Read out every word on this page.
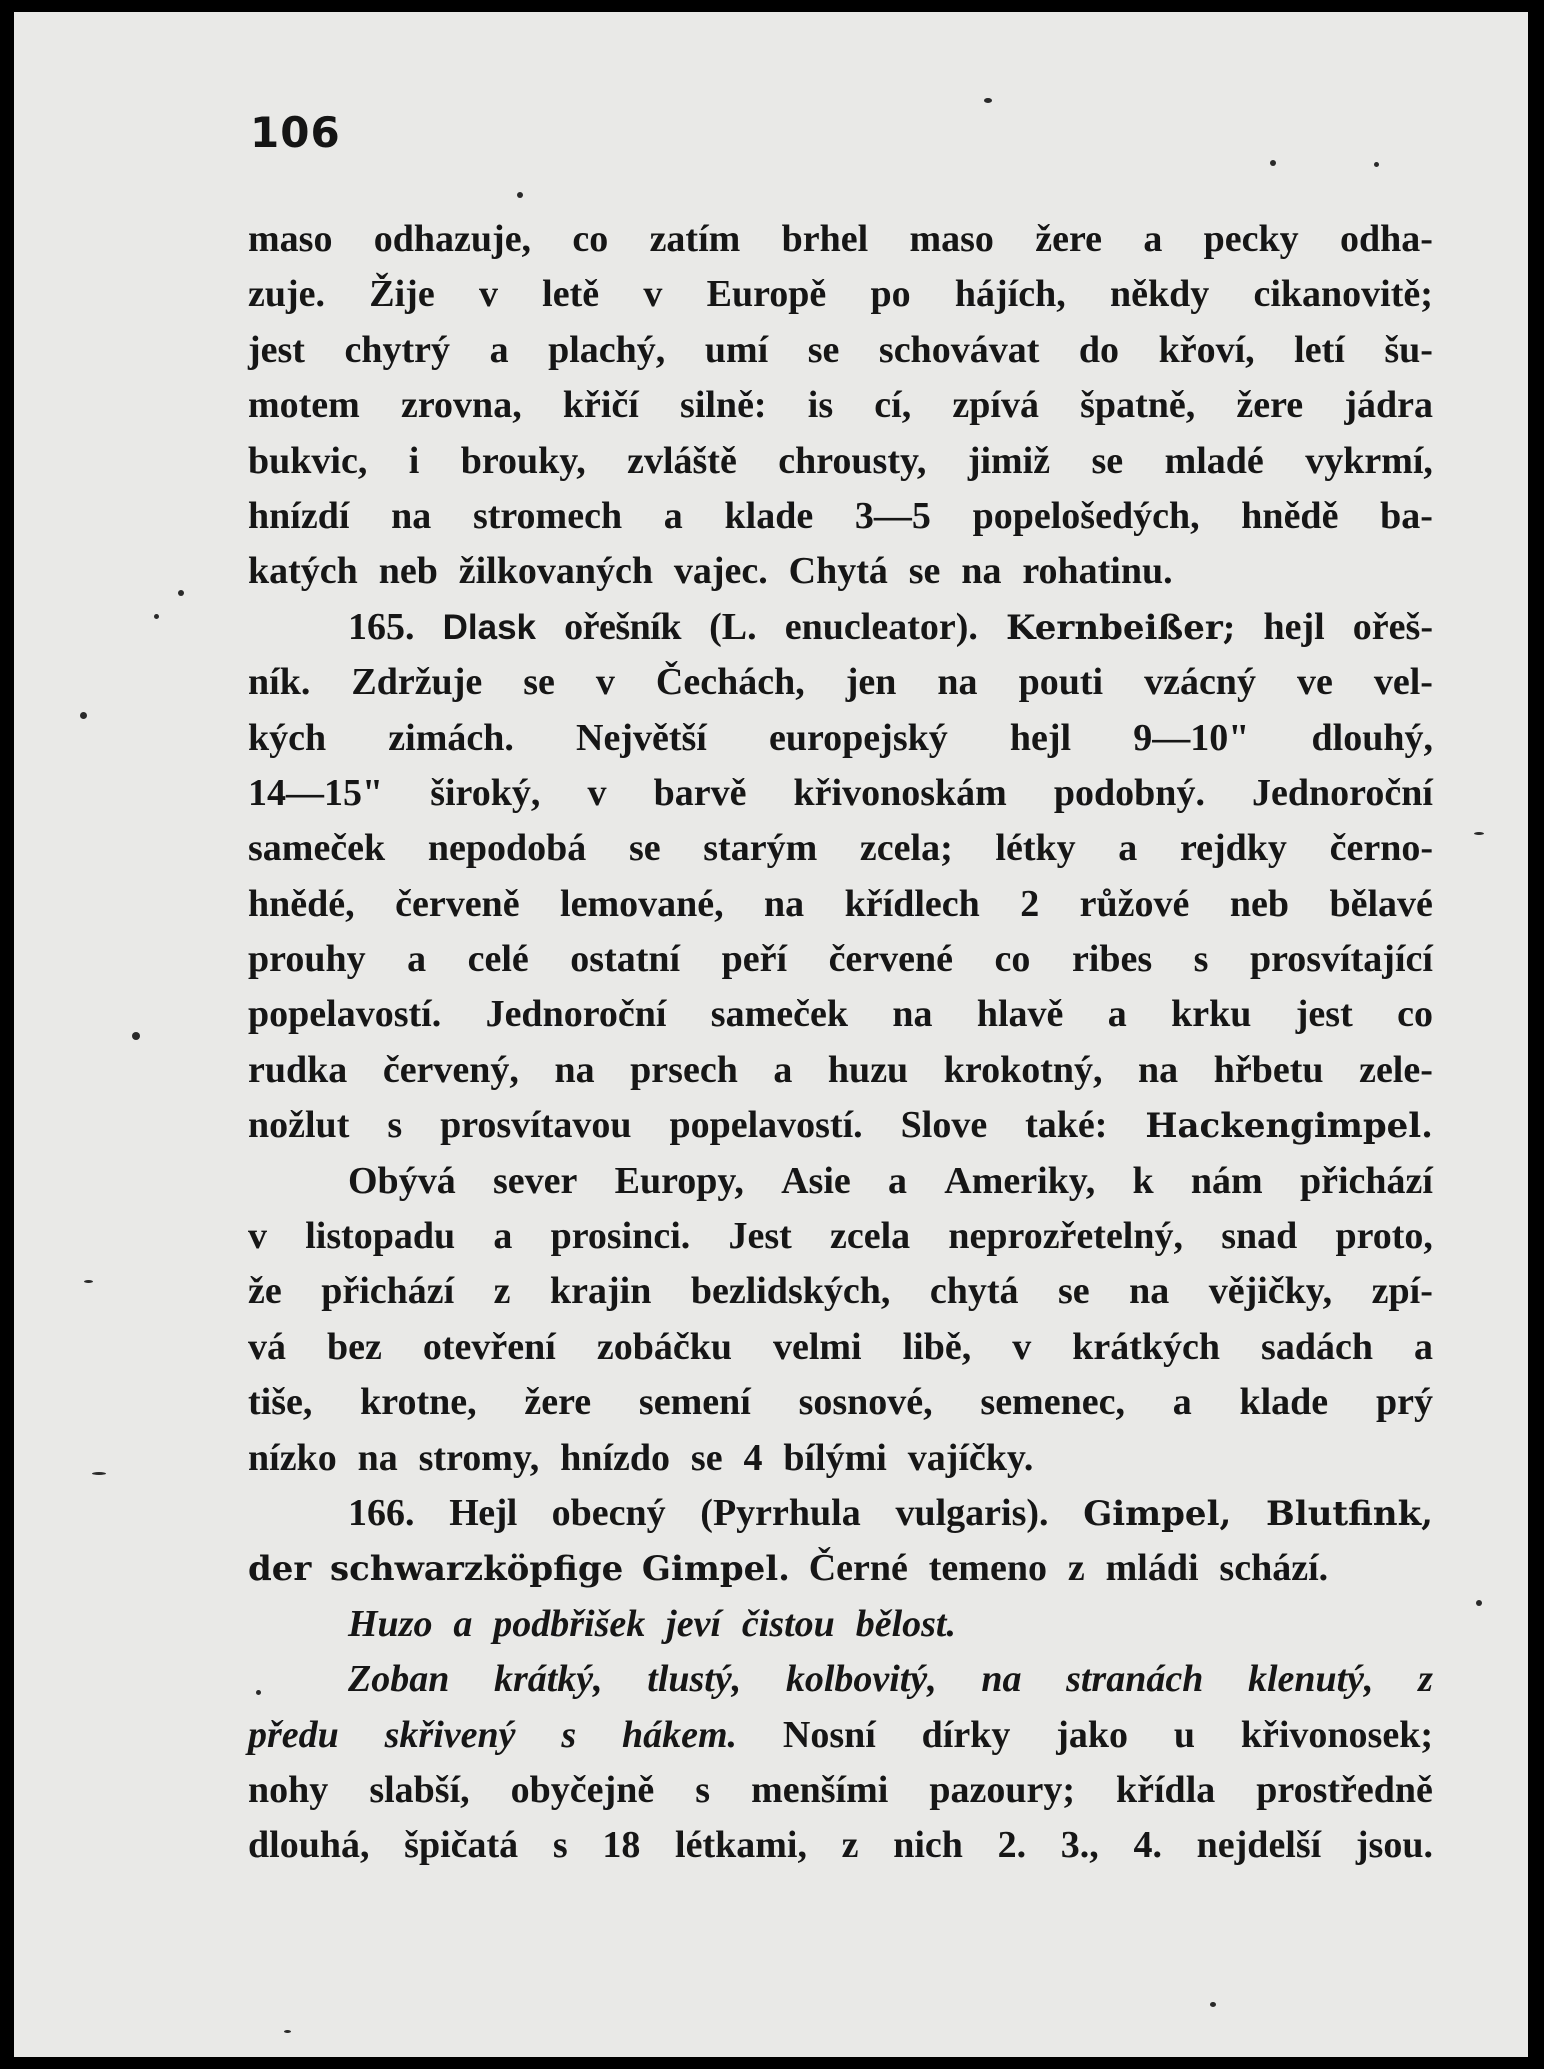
106
maso odhazuje, co zatím brhel maso žere a pecky odha-
zuje. Žije v letě v Europě po hájích, někdy cikanovitě;
jest chytrý a plachý, umí se schovávat do křoví, letí šu-
motem zrovna, křičí silně: is cí, zpívá špatně, žere jádra
bukvic, i brouky, zvláště chrousty, jimiž se mladé vykrmí,
hnízdí na stromech a klade 3—5 popelošedých, hnědě ba-
katých neb žilkovaných vajec. Chytá se na rohatinu.
165. Dlask ořešník (L. enucleator). Kernbeißer; hejl ořeš-
ník. Zdržuje se v Čechách, jen na pouti vzácný ve vel-
kých zimách. Největší europejský hejl 9—10" dlouhý,
14—15" široký, v barvě křivonoskám podobný. Jednoroční
sameček nepodobá se starým zcela; létky a rejdky černo-
hnědé, červeně lemované, na křídlech 2 růžové neb bělavé
prouhy a celé ostatní peří červené co ribes s prosvítající
popelavostí. Jednoroční sameček na hlavě a krku jest co
rudka červený, na prsech a huzu krokotný, na hřbetu zele-
nožlut s prosvítavou popelavostí. Slove také: Hackengimpel.
Obývá sever Europy, Asie a Ameriky, k nám přichází
v listopadu a prosinci. Jest zcela neprozřetelný, snad proto,
že přichází z krajin bezlidských, chytá se na vějičky, zpí-
vá bez otevření zobáčku velmi libě, v krátkých sadách a
tiše, krotne, žere semení sosnové, semenec, a klade prý
nízko na stromy, hnízdo se 4 bílými vajíčky.
166. Hejl obecný (Pyrrhula vulgaris). Gimpel, Blutfink,
der schwarzköpfige Gimpel. Černé temeno z mládi schází.
Huzo a podbřišek jeví čistou bělost.
Zoban krátký, tlustý, kolbovitý, na stranách klenutý, z
předu skřivený s hákem. Nosní dírky jako u křivonosek;
nohy slabší, obyčejně s menšími pazoury; křídla prostředně
dlouhá, špičatá s 18 létkami, z nich 2. 3., 4. nejdelší jsou.
